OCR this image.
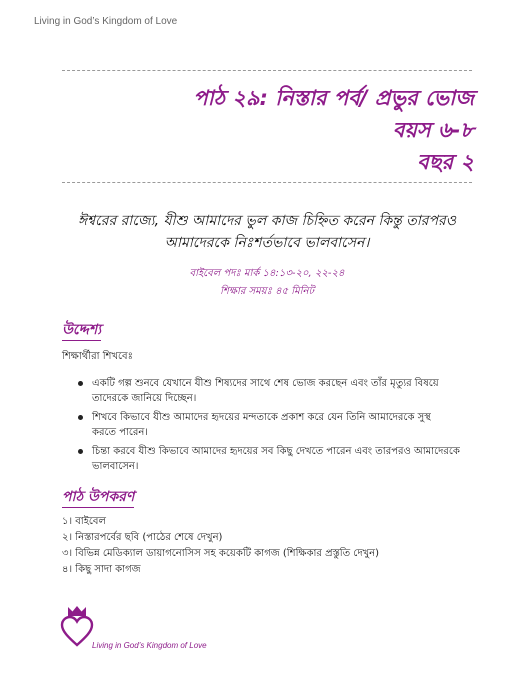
Living in God’s Kingdom of Love
পাঠ ২৯: নিস্তার পর্ব/ প্রভুর ভোজ
বয়স ৬-৮
বছর ২
ঈশ্বরের রাজ্যে, যীশু আমাদের ভুল কাজ চিহ্নিত করেন কিন্তু তারপরও
আমাদেরকে নিঃশর্তভাবে ভালবাসেন।
বাইবেল পদঃ মার্ক ১৪:১৩-২০, ২২-২৪
শিক্ষার সময়ঃ ৪৫ মিনিট
উদ্দেশ্য
শিক্ষার্থীরা শিখবেঃ
একটি গল্প শুনবে যেখানে যীশু শিষ্যদের সাথে শেষ ভোজ করছেন এবং তাঁর মৃত্যুর বিষয়ে
তাদেরকে জানিয়ে দিচ্ছেন।
শিখবে কিভাবে যীশু আমাদের হৃদয়ের মন্দতাকে প্রকাশ করে যেন তিনি আমাদেরকে সুস্থ
করতে পারেন।
চিন্তা করবে যীশু কিভাবে আমাদের হৃদয়ের সব কিছু দেখতে পারেন এবং তারপরও আমাদেরকে
ভালবাসেন।
পাঠ উপকরণ
১। বাইবেল
২। নিস্তারপর্বের ছবি (পাঠের শেষে দেখুন)
৩। বিভিন্ন মেডিক্যাল ডায়াগনোসিস সহ কয়েকটি কাগজ (শিক্ষিকার প্রস্তুতি দেখুন)
৪। কিছু সাদা কাগজ
Living in God’s Kingdom of Love
